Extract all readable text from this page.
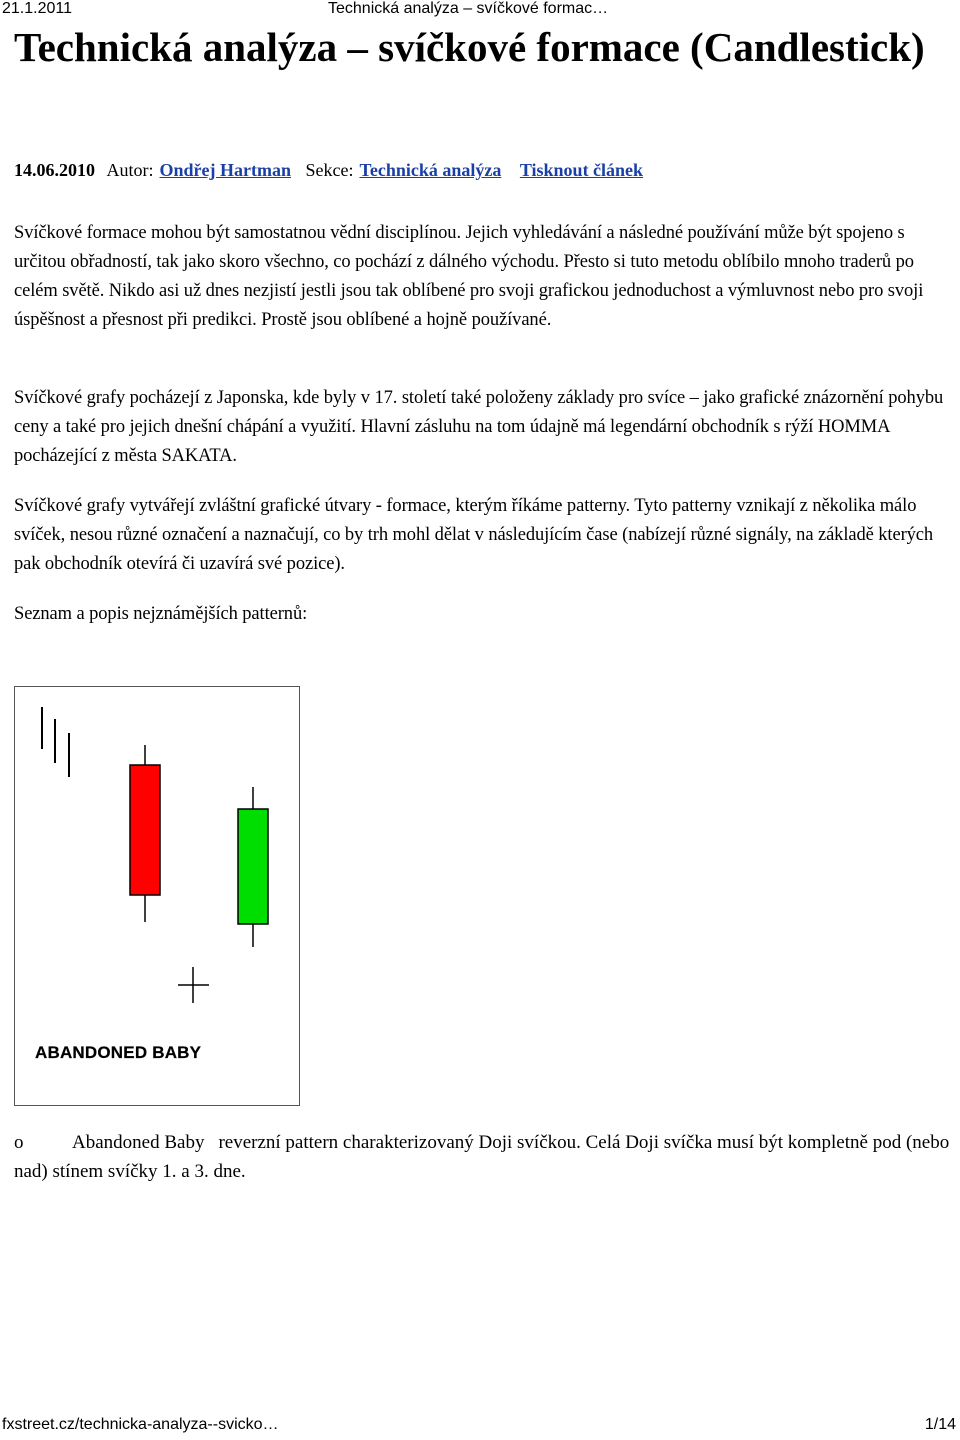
21.1.2011	Technická analýza – svíčkové formac…
Technická analýza – svíčkové formace (Candlestick)
14.06.2010 Autor: Ondřej Hartman Sekce: Technická analýza Tisknout článek

Svíčkové formace mohou být samostatnou vědní disciplínou. Jejich vyhledávání a následné používání může být spojeno s určitou obřadností, tak jako skoro všechno, co pochází z dálného východu. Přesto si tuto metodu oblíbilo mnoho traderů po celém světě. Nikdo asi už dnes nezjistí jestli jsou tak oblíbené pro svoji grafickou jednoduchost a výmluvnost nebo pro svoji úspěšnost a přesnost při predikci. Prostě jsou oblíbené a hojně používané.

Svíčkové grafy pocházejí z Japonska, kde byly v 17. století také položeny základy pro svíce – jako grafické znázornění pohybu ceny a také pro jejich dnešní chápání a využití. Hlavní zásluhu na tom údajně má legendární obchodník s rýží HOMMA pocházející z města SAKATA.

Svíčkové grafy vytvářejí zvláštní grafické útvary - formace, kterým říkáme patterny. Tyto patterny vznikají z několika málo svíček, nesou různé označení a naznačují, co by trh mohl dělat v následujícím čase (nabízejí různé signály, na základě kterých pak obchodník otevírá či uzavírá své pozice).

Seznam a popis nejznámějších patternů:

ABANDONED BABY

o	Abandoned Baby reverzní pattern charakterizovaný Doji svíčkou. Celá Doji svíčka musí být kompletně pod (nebo nad) stínem svíčky 1. a 3. dne.

fxstreet.cz/technicka-analyza--svicko…	1/14
